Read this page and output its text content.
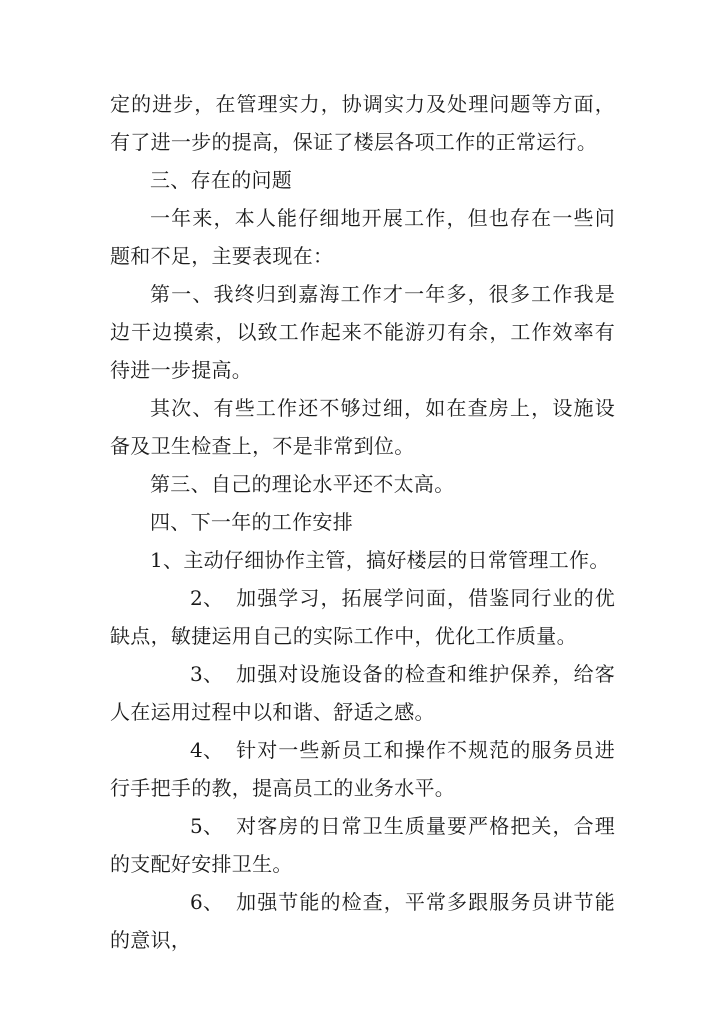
定的进步，在管理实力，协调实力及处理问题等方面，有了进一步的提高，保证了楼层各项工作的正常运行。

三、存在的问题

一年来，本人能仔细地开展工作，但也存在一些问题和不足，主要表现在：

第一、我终归到嘉海工作才一年多，很多工作我是边干边摸索，以致工作起来不能游刃有余，工作效率有待进一步提高。

其次、有些工作还不够过细，如在查房上，设施设备及卫生检查上，不是非常到位。

第三、自己的理论水平还不太高。

四、下一年的工作安排

1、主动仔细协作主管，搞好楼层的日常管理工作。

2、 加强学习，拓展学问面，借鉴同行业的优缺点，敏捷运用自己的实际工作中，优化工作质量。

3、 加强对设施设备的检查和维护保养，给客人在运用过程中以和谐、舒适之感。

4、 针对一些新员工和操作不规范的服务员进行手把手的教，提高员工的业务水平。

5、 对客房的日常卫生质量要严格把关，合理的支配好安排卫生。

6、 加强节能的检查，平常多跟服务员讲节能的意识，
